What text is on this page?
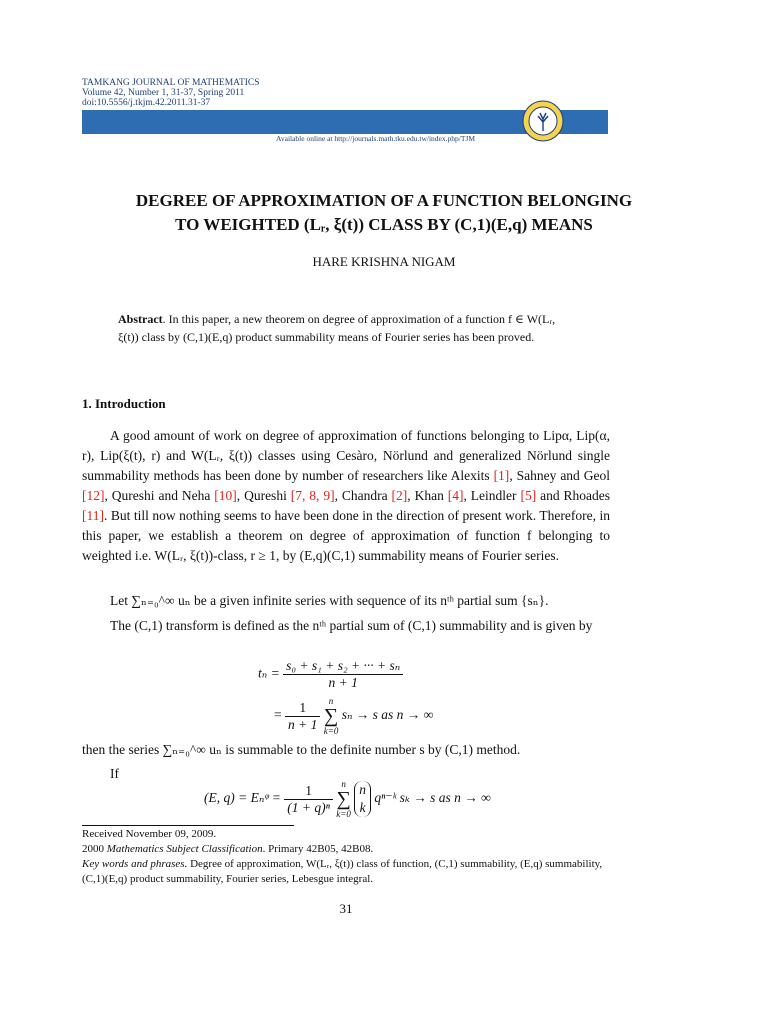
TAMKANG JOURNAL OF MATHEMATICS
Volume 42, Number 1, 31-37, Spring 2011
doi:10.5556/j.tkjm.42.2011.31-37
Available online at http://journals.math.tku.edu.tw/index.php/TJM
DEGREE OF APPROXIMATION OF A FUNCTION BELONGING
TO WEIGHTED (Lᵣ, ξ(t)) CLASS BY (C,1)(E,q) MEANS
HARE KRISHNA NIGAM
Abstract. In this paper, a new theorem on degree of approximation of a function f ∈ W(Lᵣ, ξ(t)) class by (C,1)(E,q) product summability means of Fourier series has been proved.
1. Introduction
A good amount of work on degree of approximation of functions belonging to Lipα, Lip(α, r), Lip(ξ(t), r) and W(Lᵣ, ξ(t)) classes using Cesàro, Nörlund and generalized Nörlund single summability methods has been done by number of researchers like Alexits [1], Sahney and Geol [12], Qureshi and Neha [10], Qureshi [7, 8, 9], Chandra [2], Khan [4], Leindler [5] and Rhoades [11]. But till now nothing seems to have been done in the direction of present work. Therefore, in this paper, we establish a theorem on degree of approximation of function f belonging to weighted i.e. W(Lᵣ, ξ(t))-class, r ≥ 1, by (E,q)(C,1) summability means of Fourier series.
Let ∑ₙ₌₀^∞ uₙ be a given infinite series with sequence of its nᵗʰ partial sum {sₙ}.
The (C,1) transform is defined as the nᵗʰ partial sum of (C,1) summability and is given by
$t_n = \frac{\text{s₀ + s₁ + s₂ + ··· + sₙ}}{n + 1}$
= $\frac{1}{n + 1}$ n
∑
k=0 sₙ → s as n → ∞
then the series ∑ₙ₌₀^∞ uₙ is summable to the definite number s by (C,1) method.
If
(E, q) = Eₙᵠ = $\frac{1}{\text{(1 + q)ⁿ}}$ n
∑
k=0
n
k
qⁿ⁻ᵏ sₖ → s as n → ∞
Received November 09, 2009.
2000 Mathematics Subject Classification. Primary 42B05, 42B08.
Key words and phrases. Degree of approximation, W(Lᵣ, ξ(t)) class of function, (C,1) summability, (E,q) summability, (C,1)(E,q) product summability, Fourier series, Lebesgue integral.
31
